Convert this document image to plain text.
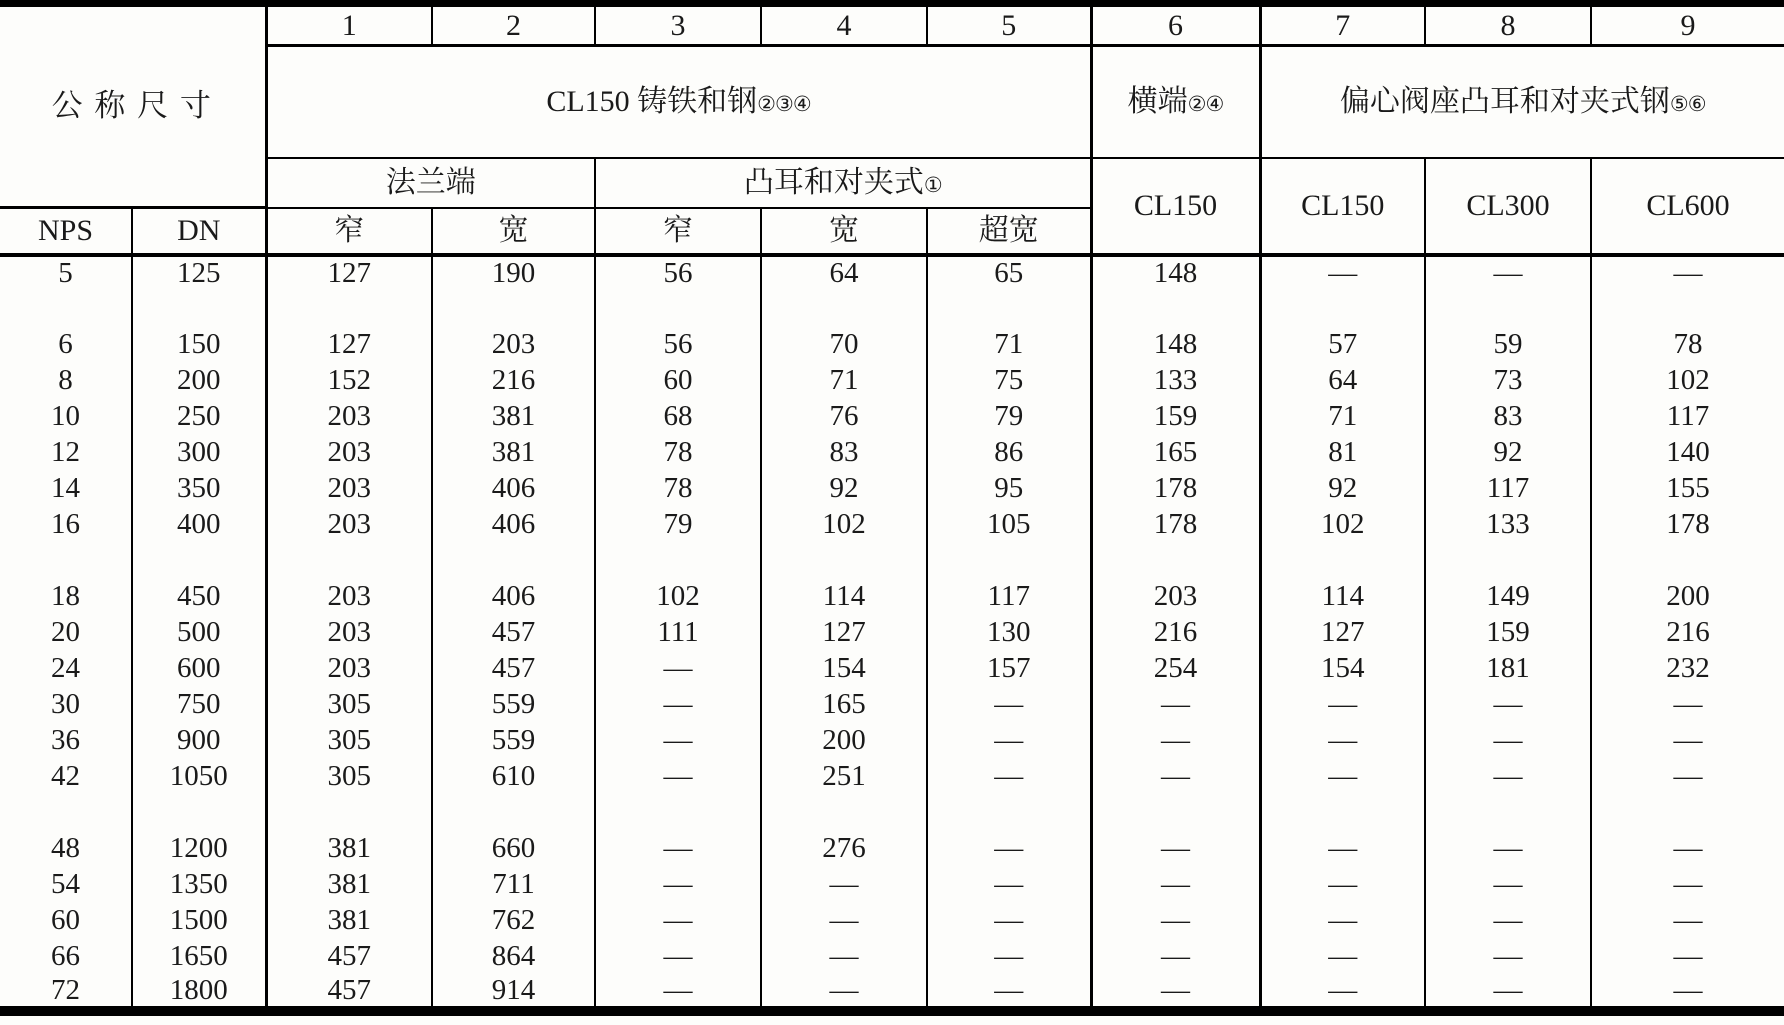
公 称 尺 寸		1	2	3	4	5	6	7	8	9
		CL150 铸铁和钢②③④					横端②④	偏心阀座凸耳和对夹式钢⑤⑥
		法兰端		凸耳和对夹式①			CL150	CL150	CL300	CL600
NPS	DN	窄	宽	窄	宽	超宽				
5	125	127	190	56	64	65	148	—	—	—

6	150	127	203	56	70	71	148	57	59	78
8	200	152	216	60	71	75	133	64	73	102
10	250	203	381	68	76	79	159	71	83	117
12	300	203	381	78	83	86	165	81	92	140
14	350	203	406	78	92	95	178	92	117	155
16	400	203	406	79	102	105	178	102	133	178

18	450	203	406	102	114	117	203	114	149	200
20	500	203	457	111	127	130	216	127	159	216
24	600	203	457	—	154	157	254	154	181	232
30	750	305	559	—	165	—	—	—	—	—
36	900	305	559	—	200	—	—	—	—	—
42	1050	305	610	—	251	—	—	—	—	—

48	1200	381	660	—	276	—	—	—	—	—
54	1350	381	711	—	—	—	—	—	—	—
60	1500	381	762	—	—	—	—	—	—	—
66	1650	457	864	—	—	—	—	—	—	—
72	1800	457	914	—	—	—	—	—	—	—
